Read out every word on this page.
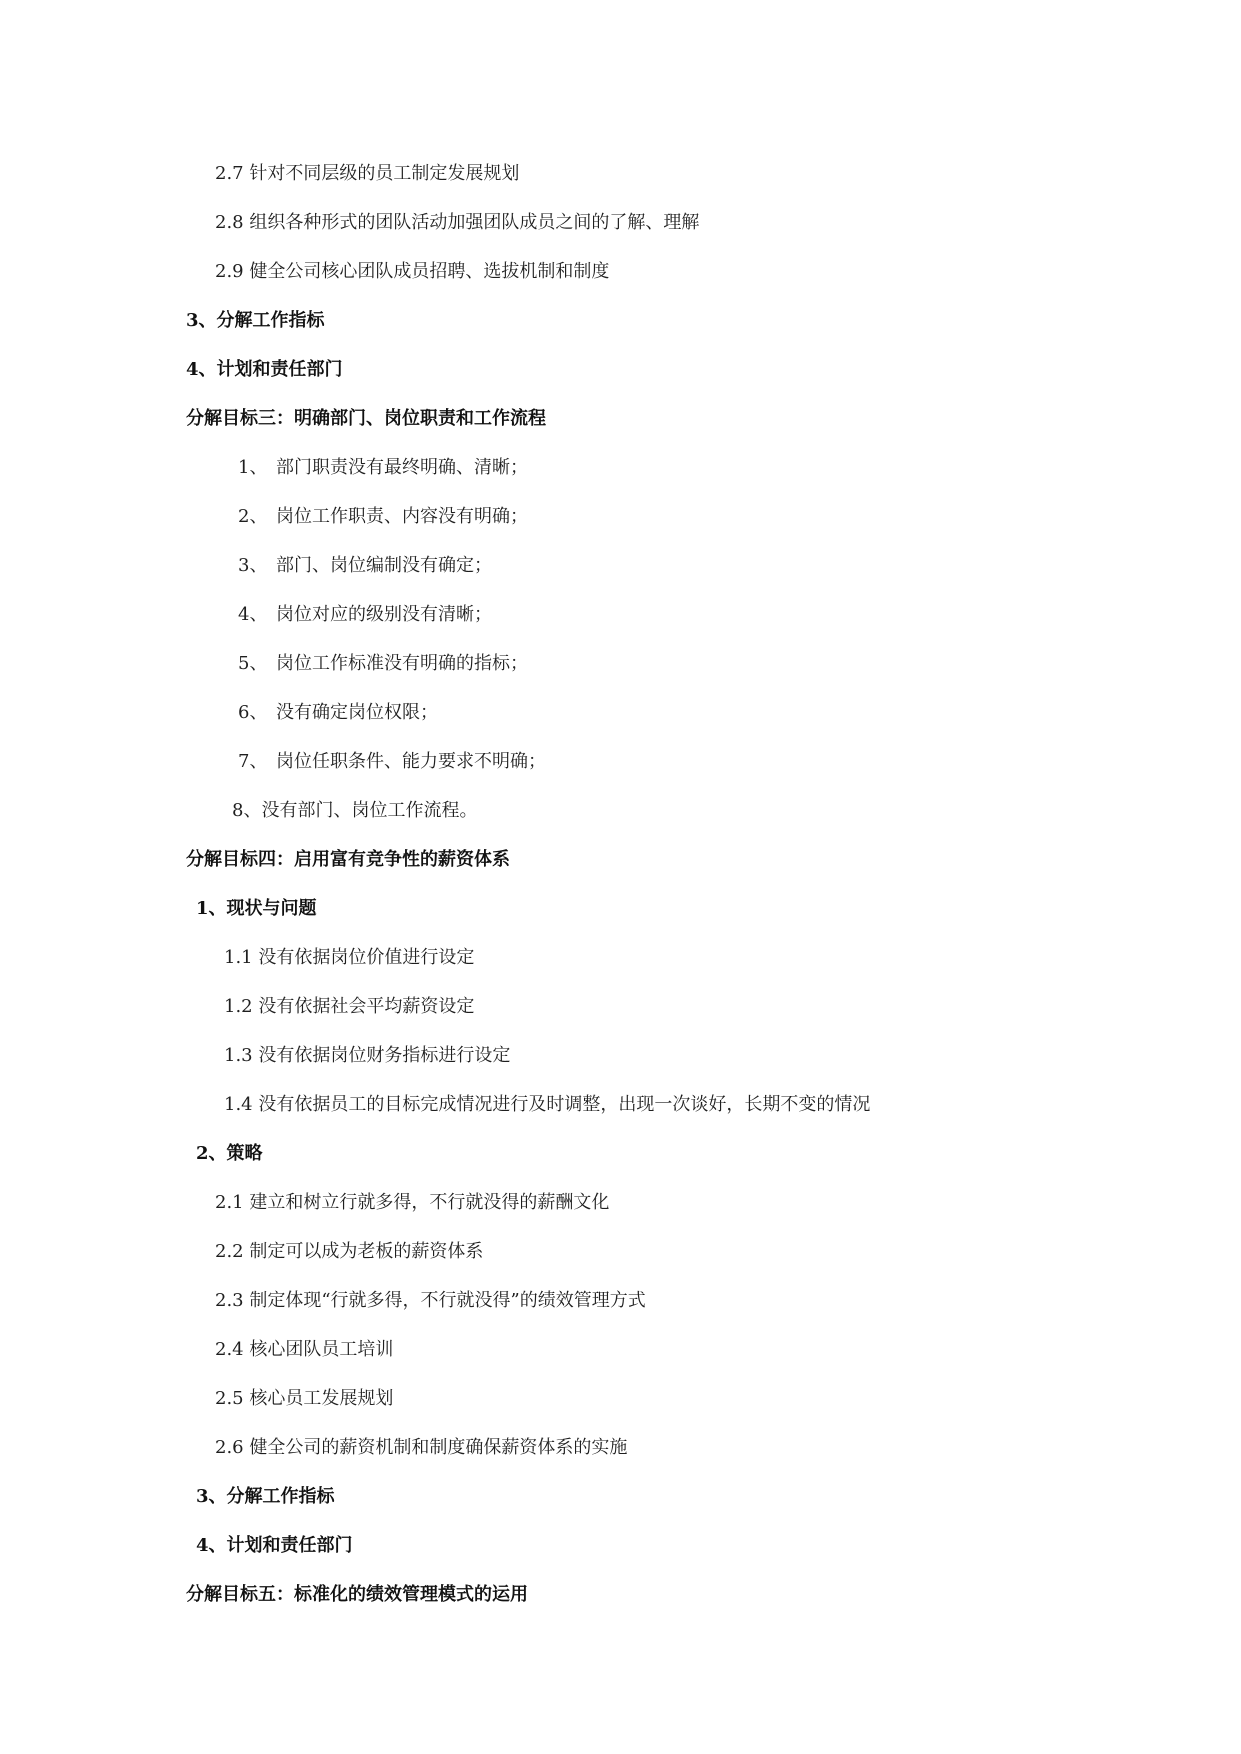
2.7 针对不同层级的员工制定发展规划
2.8 组织各种形式的团队活动加强团队成员之间的了解、理解
2.9 健全公司核心团队成员招聘、选拔机制和制度
3、分解工作指标
4、计划和责任部门
分解目标三：明确部门、岗位职责和工作流程
1、 部门职责没有最终明确、清晰；
2、 岗位工作职责、内容没有明确；
3、 部门、岗位编制没有确定；
4、 岗位对应的级别没有清晰；
5、 岗位工作标准没有明确的指标；
6、 没有确定岗位权限；
7、 岗位任职条件、能力要求不明确；
8、没有部门、岗位工作流程。
分解目标四：启用富有竞争性的薪资体系
1、现状与问题
1.1 没有依据岗位价值进行设定
1.2 没有依据社会平均薪资设定
1.3 没有依据岗位财务指标进行设定
1.4 没有依据员工的目标完成情况进行及时调整，出现一次谈好，长期不变的情况
2、策略
2.1 建立和树立行就多得，不行就没得的薪酬文化
2.2 制定可以成为老板的薪资体系
2.3 制定体现“行就多得，不行就没得”的绩效管理方式
2.4 核心团队员工培训
2.5 核心员工发展规划
2.6 健全公司的薪资机制和制度确保薪资体系的实施
3、分解工作指标
4、计划和责任部门
分解目标五：标准化的绩效管理模式的运用
